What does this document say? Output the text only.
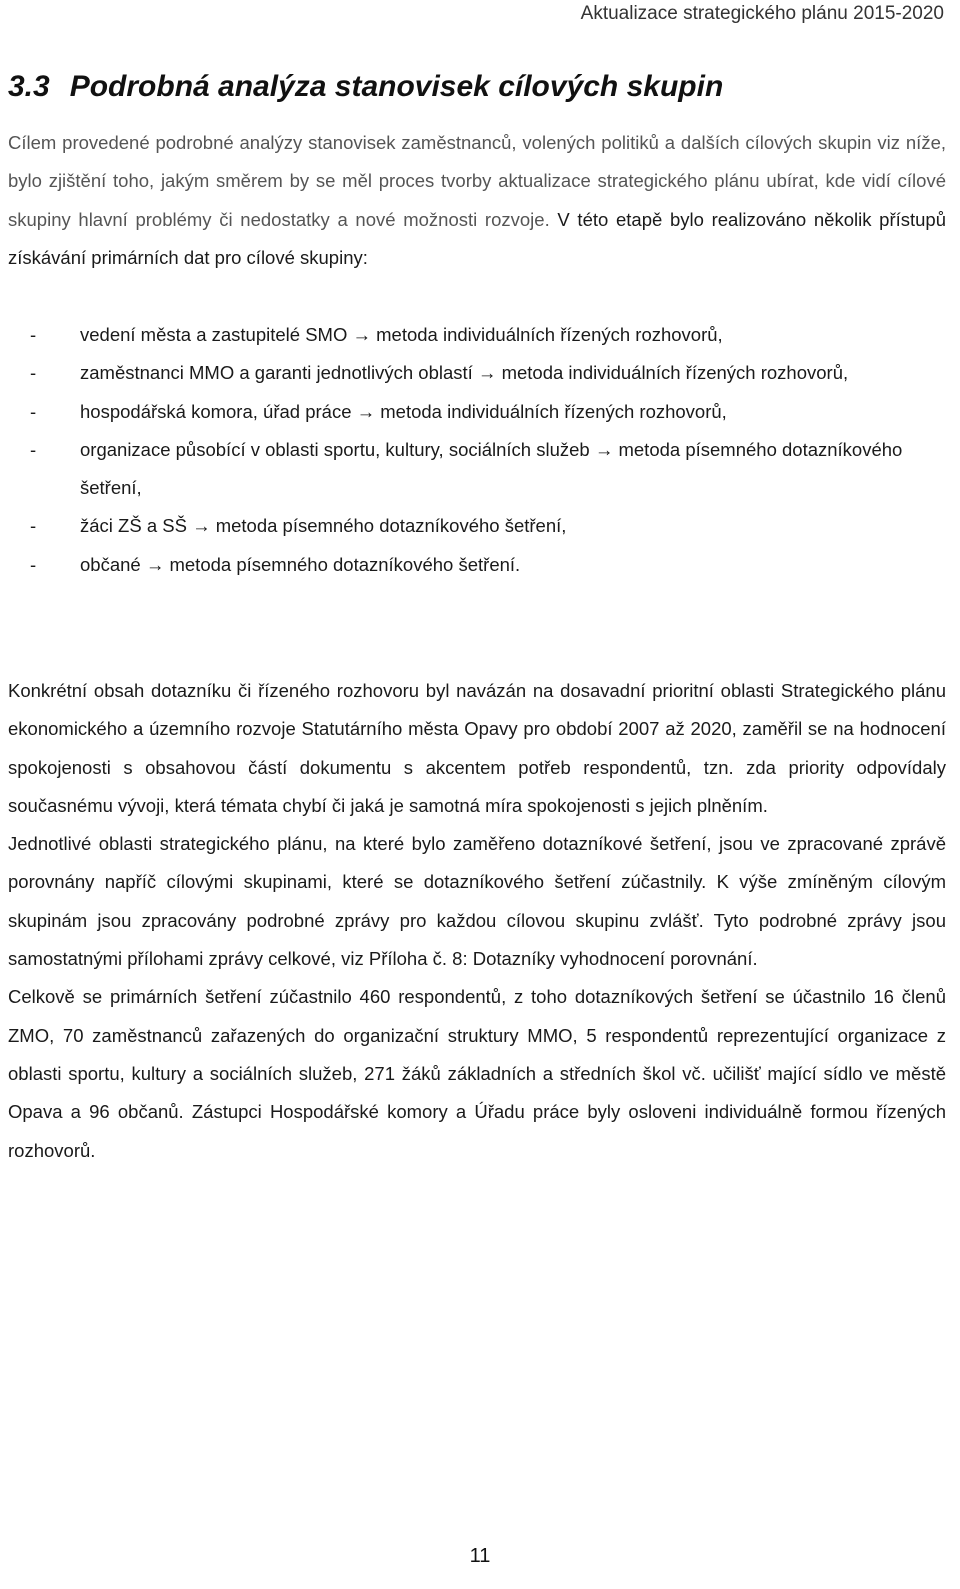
Aktualizace strategického plánu 2015-2020
3.3 Podrobná analýza stanovisek cílových skupin

Cílem provedené podrobné analýzy stanovisek zaměstnanců, volených politiků a dalších cílových skupin viz níže, bylo zjištění toho, jakým směrem by se měl proces tvorby aktualizace strategického plánu ubírat, kde vidí cílové skupiny hlavní problémy či nedostatky a nové možnosti rozvoje. V této etapě bylo realizováno několik přístupů získávání primárních dat pro cílové skupiny:

- vedení města a zastupitelé SMO → metoda individuálních řízených rozhovorů,
- zaměstnanci MMO a garanti jednotlivých oblastí → metoda individuálních řízených rozhovorů,
- hospodářská komora, úřad práce → metoda individuálních řízených rozhovorů,
- organizace působící v oblasti sportu, kultury, sociálních služeb → metoda písemného dotazníkového šetření,
- žáci ZŠ a SŠ → metoda písemného dotazníkového šetření,
- občané → metoda písemného dotazníkového šetření.

Konkrétní obsah dotazníku či řízeného rozhovoru byl navázán na dosavadní prioritní oblasti Strategického plánu ekonomického a územního rozvoje Statutárního města Opavy pro období 2007 až 2020, zaměřil se na hodnocení spokojenosti s obsahovou částí dokumentu s akcentem potřeb respondentů, tzn. zda priority odpovídaly současnému vývoji, která témata chybí či jaká je samotná míra spokojenosti s jejich plněním.

Jednotlivé oblasti strategického plánu, na které bylo zaměřeno dotazníkové šetření, jsou ve zpracované zprávě porovnány napříč cílovými skupinami, které se dotazníkového šetření zúčastnily. K výše zmíněným cílovým skupinám jsou zpracovány podrobné zprávy pro každou cílovou skupinu zvlášť. Tyto podrobné zprávy jsou samostatnými přílohami zprávy celkové, viz Příloha č. 8: Dotazníky vyhodnocení porovnání.

Celkově se primárních šetření zúčastnilo 460 respondentů, z toho dotazníkových šetření se účastnilo 16 členů ZMO, 70 zaměstnanců zařazených do organizační struktury MMO, 5 respondentů reprezentující organizace z oblasti sportu, kultury a sociálních služeb, 271 žáků základních a středních škol vč. učilišť mající sídlo ve městě Opava a 96 občanů. Zástupci Hospodářské komory a Úřadu práce byly osloveni individuálně formou řízených rozhovorů.

11
